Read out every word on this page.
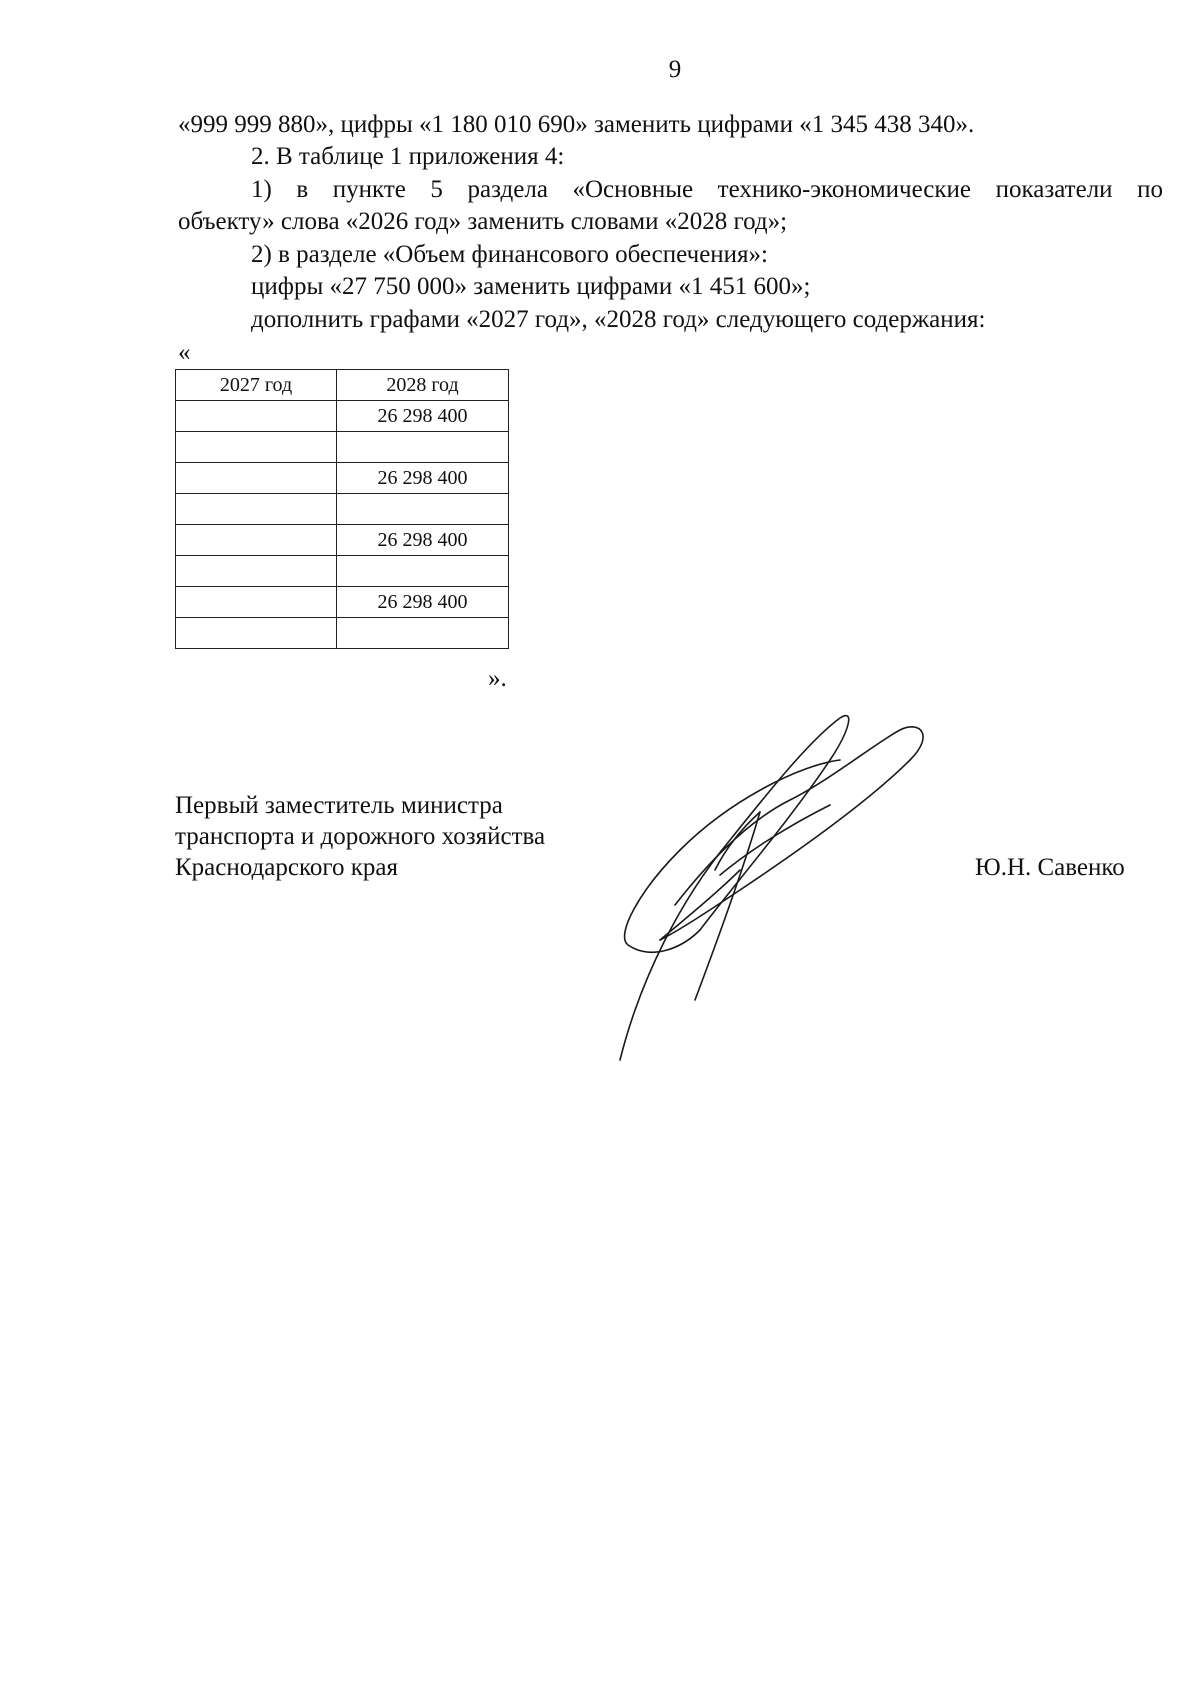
9
«999 999 880», цифры «1 180 010 690» заменить цифрами «1 345 438 340».
2. В таблице 1 приложения 4:
1) в пункте 5 раздела «Основные технико-экономические показатели по
объекту» слова «2026 год» заменить словами «2028 год»;
2) в разделе «Объем финансового обеспечения»:
цифры «27 750 000» заменить цифрами «1 451 600»;
дополнить графами «2027 год», «2028 год» следующего содержания:
«
2027 год	2028 год
	26 298 400

	26 298 400

	26 298 400

	26 298 400

».
Первый заместитель министра
транспорта и дорожного хозяйства
Краснодарского края	Ю.Н. Савенко
